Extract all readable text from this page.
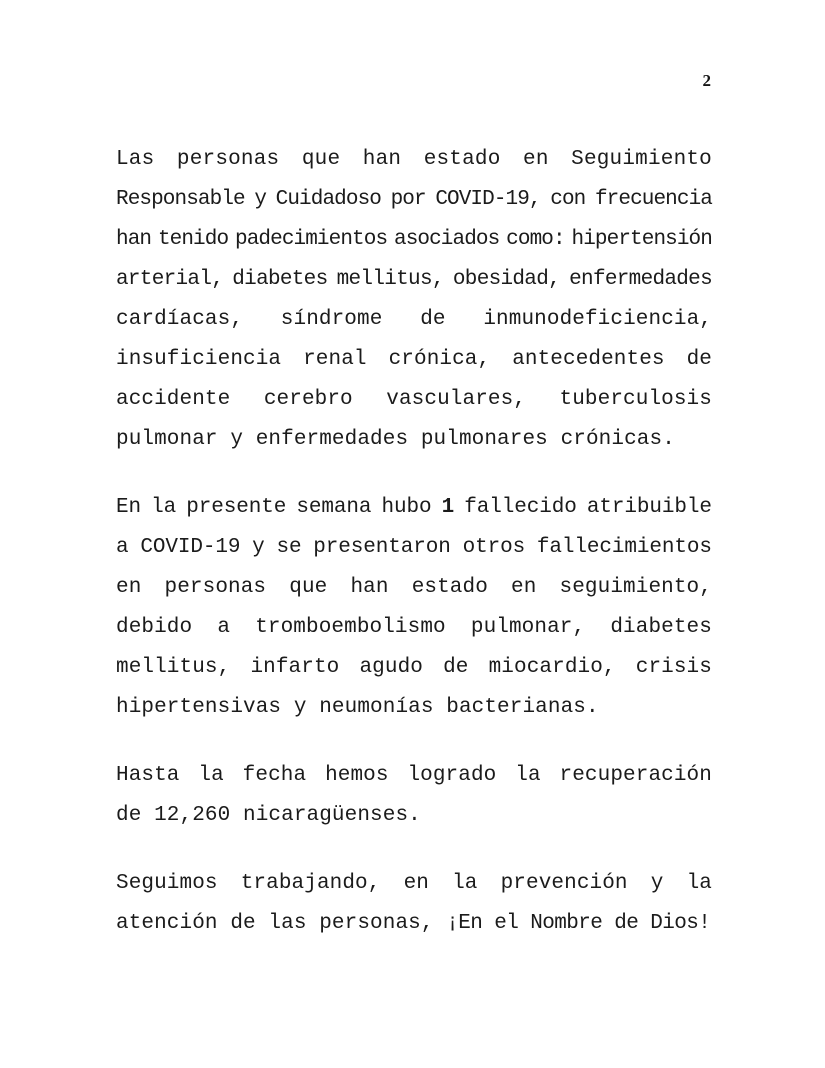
2

Las personas que han estado en Seguimiento
Responsable y Cuidadoso por COVID-19, con frecuencia
han tenido padecimientos asociados como: hipertensión
arterial, diabetes mellitus, obesidad, enfermedades
cardíacas, síndrome de inmunodeficiencia,
insuficiencia renal crónica, antecedentes de
accidente cerebro vasculares, tuberculosis
pulmonar y enfermedades pulmonares crónicas.

En la presente semana hubo 1 fallecido atribuible
a COVID-19 y se presentaron otros fallecimientos
en personas que han estado en seguimiento,
debido a tromboembolismo pulmonar, diabetes
mellitus, infarto agudo de miocardio, crisis
hipertensivas y neumonías bacterianas.

Hasta la fecha hemos logrado la recuperación
de 12,260 nicaragüenses.

Seguimos trabajando, en la prevención y la
atención de las personas, ¡En el Nombre de Dios!
